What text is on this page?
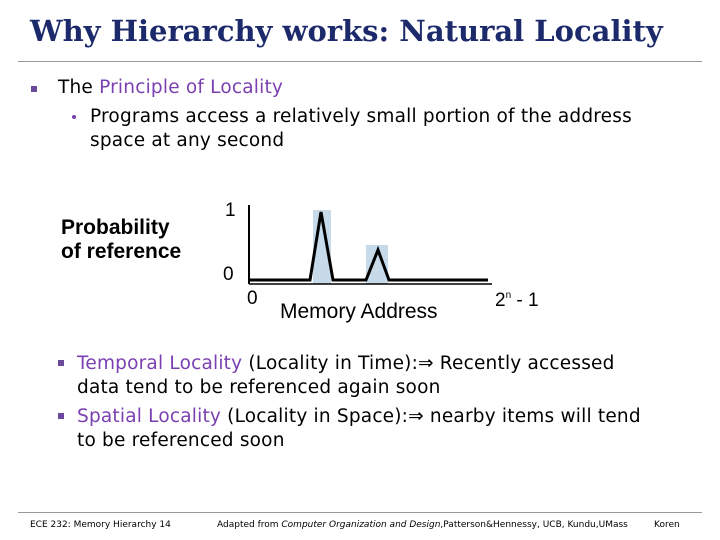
Why Hierarchy works: Natural Locality
The Principle of Locality
Programs access a relatively small portion of the address
space at any second
Probability
of reference
1
0
0
Memory Address	2$^n$ - 1
Temporal Locality (Locality in Time):⇒ Recently accessed
data tend to be referenced again soon
Spatial Locality (Locality in Space):⇒ nearby items will tend
to be referenced soon
ECE 232: Memory Hierarchy 14	Adapted from Computer Organization and Design,Patterson&Hennessy, UCB, Kundu,UMass	Koren
